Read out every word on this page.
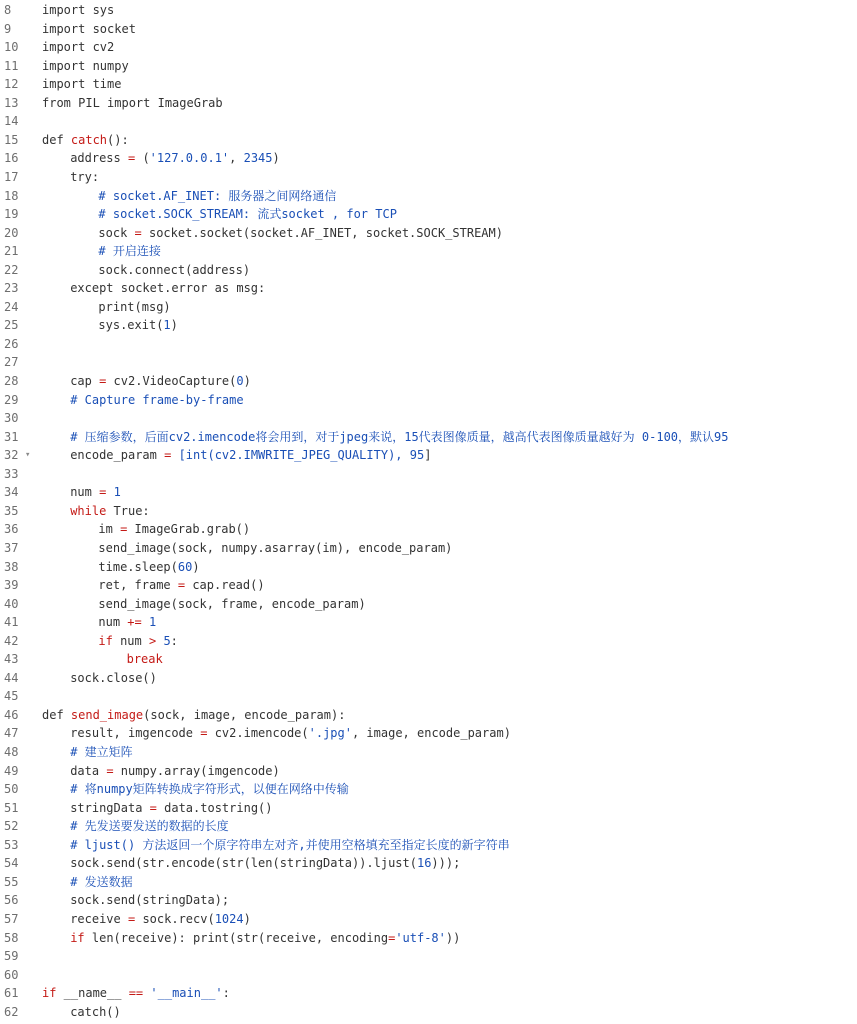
8	import sys
9	import socket
10	import cv2
11	import numpy
12	import time
13	from PIL import ImageGrab
14
15	def catch():
16	address = ('127.0.0.1', 2345)
17	try:
18	# socket.AF_INET: 服务器之间网络通信
19	# socket.SOCK_STREAM: 流式socket , for TCP
20	sock = socket.socket(socket.AF_INET, socket.SOCK_STREAM)
21	# 开启连接
22	sock.connect(address)
23	except socket.error as msg:
24	print(msg)
25	sys.exit(1)
26
27
28	cap = cv2.VideoCapture(0)
29	# Capture frame-by-frame
30
31	# 压缩参数，后面cv2.imencode将会用到，对于jpeg来说，15代表图像质量，越高代表图像质量越好为 0-100，默认95
32 ▾	encode_param = [int(cv2.IMWRITE_JPEG_QUALITY), 95]
33
34	num = 1
35	while True:
36	im = ImageGrab.grab()
37	send_image(sock, numpy.asarray(im), encode_param)
38	time.sleep(60)
39	ret, frame = cap.read()
40	send_image(sock, frame, encode_param)
41	num += 1
42	if num > 5:
43	break
44	sock.close()
45
46	def send_image(sock, image, encode_param):
47	result, imgencode = cv2.imencode('.jpg', image, encode_param)
48	# 建立矩阵
49	data = numpy.array(imgencode)
50	# 将numpy矩阵转换成字符形式，以便在网络中传输
51	stringData = data.tostring()
52	# 先发送要发送的数据的长度
53	# ljust() 方法返回一个原字符串左对齐,并使用空格填充至指定长度的新字符串
54	sock.send(str.encode(str(len(stringData)).ljust(16)));
55	# 发送数据
56	sock.send(stringData);
57	receive = sock.recv(1024)
58	if len(receive): print(str(receive, encoding='utf-8'))
59
60
61	if __name__ == '__main__':
62	catch()
